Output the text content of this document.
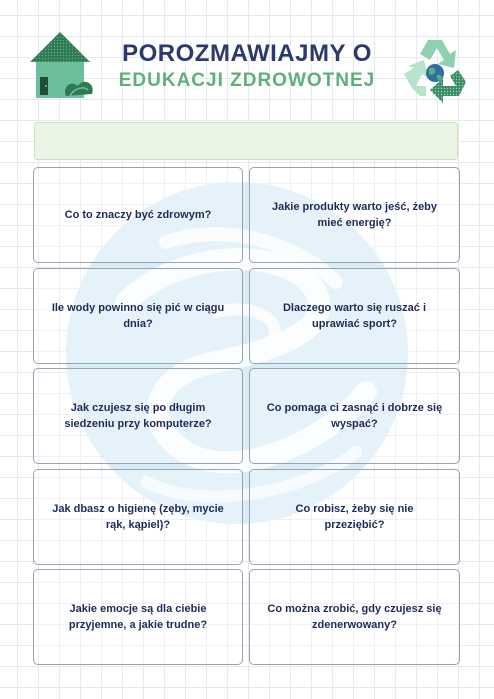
POROZMAWIAJMY O
EDUKACJI ZDROWOTNEJ
Co to znaczy być zdrowym?
Jakie produkty warto jeść, żeby mieć energię?
Ile wody powinno się pić w ciągu dnia?
Dlaczego warto się ruszać i uprawiać sport?
Jak czujesz się po długim siedzeniu przy komputerze?
Co pomaga ci zasnąć i dobrze się wyspać?
Jak dbasz o higienę (zęby, mycie rąk, kąpiel)?
Co robisz, żeby się nie przeziębić?
Jakie emocje są dla ciebie przyjemne, a jakie trudne?
Co można zrobić, gdy czujesz się zdenerwowany?
